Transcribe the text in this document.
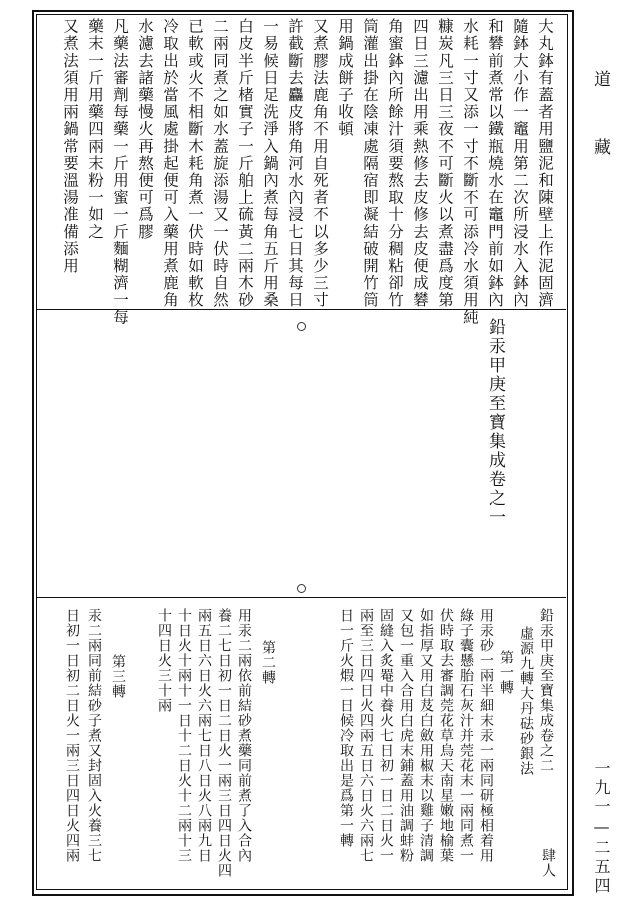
道
藏
一九一—二五四
大丸鉢有蓋者用鹽泥和陳壁上作泥固濟
隨鉢大小作一竈用第二次所浸水入鉢內
和礬前煮常以鐵瓶燒水在竈門前如鉢內
水耗一寸又添一寸不斷不可添冷水須用純
糠炭凡三日三夜不可斷火以煮盡爲度第
四日三濾出用乘熱修去皮修去皮便成礬
角蜜鉢內所餘汁須要熬取十分稠粘卻竹
筒灌出掛在陰凍處隔宿即凝結破開竹筒
用鍋成餅子收頓
又煮膠法鹿角不用自死者不以多少三寸
許截斷去麤皮將角河水內浸七日其每日
一易候日足洗淨入鍋內煮每角五斤用桑
白皮半斤楮實子一斤舶上硫黃二兩木砂
二兩同煮之如水蓋旋添湯又一伏時自然
已軟或火不相斷木耗角煮一伏時如軟枚
冷取出於當風處掛起便可入藥用煮鹿角
水濾去諸藥慢火再熬便可爲膠
凡藥法審劑每藥一斤用蜜一斤麵糊濟一每
藥末一斤用藥四兩末粉一如之
又煮法須用兩鍋常要溫湯准備添用
鉛汞甲庚至寶集成卷之一
鉛汞甲庚至寶集成卷之二
肆人
虛源九轉大丹砝砂銀法
第一轉
用汞砂一兩半細末汞一兩同研極相着用
綠子囊懸胎石灰汁并莞花末一兩同煮一
伏時取去審調莞花草烏天南星嫩地榆葉
如指厚又用白芨白斂用椒末以雞子清調
又包一重入合用白虎末鋪蓋用油調蚌粉
固縫入炙罨中養火七日初一日二日火一
兩至三日四日火四兩五日六日火六兩七
日一斤火煆一日候冷取出是爲第一轉
第二轉
用汞二兩依前結砂煮藥同前煮了入合內
養二七日初一日二日火一兩三日四日火四
兩五日六日火六兩七日八日火八兩九日
十日火十兩十一日十二日火十二兩十三
十四日火三十兩
第三轉
汞二兩同前結砂子煮又封固入火養三七
日初一日初二日火一兩三日四日火四兩
